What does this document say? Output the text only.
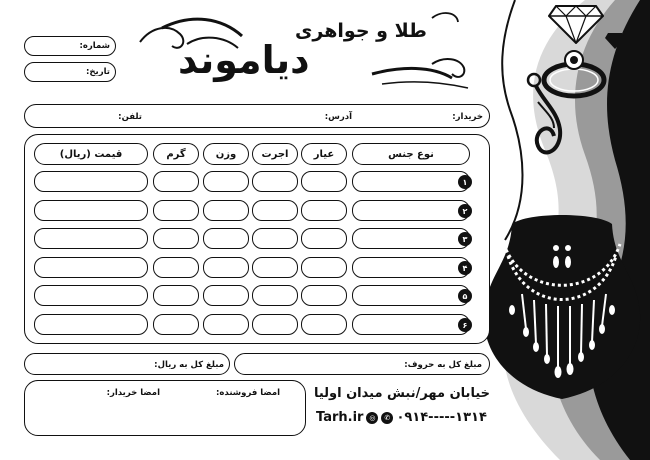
طلا و جواهری
دیاموند
شماره:
تاریخ:
خریدار:
آدرس:
تلفن:
نوع جنس
عیار
اجرت
وزن
گرم
قیمت (ریال)
۱
۲
۳
۴
۵
۶
مبلغ کل به حروف:
مبلغ کل به ریال:
امضا فروشنده:
امضا خریدار:	خیابان مهر/نبش میدان اولیا
Tarh.ir ◎	✆ ۰۹۱۴-----۱۳۱۴
